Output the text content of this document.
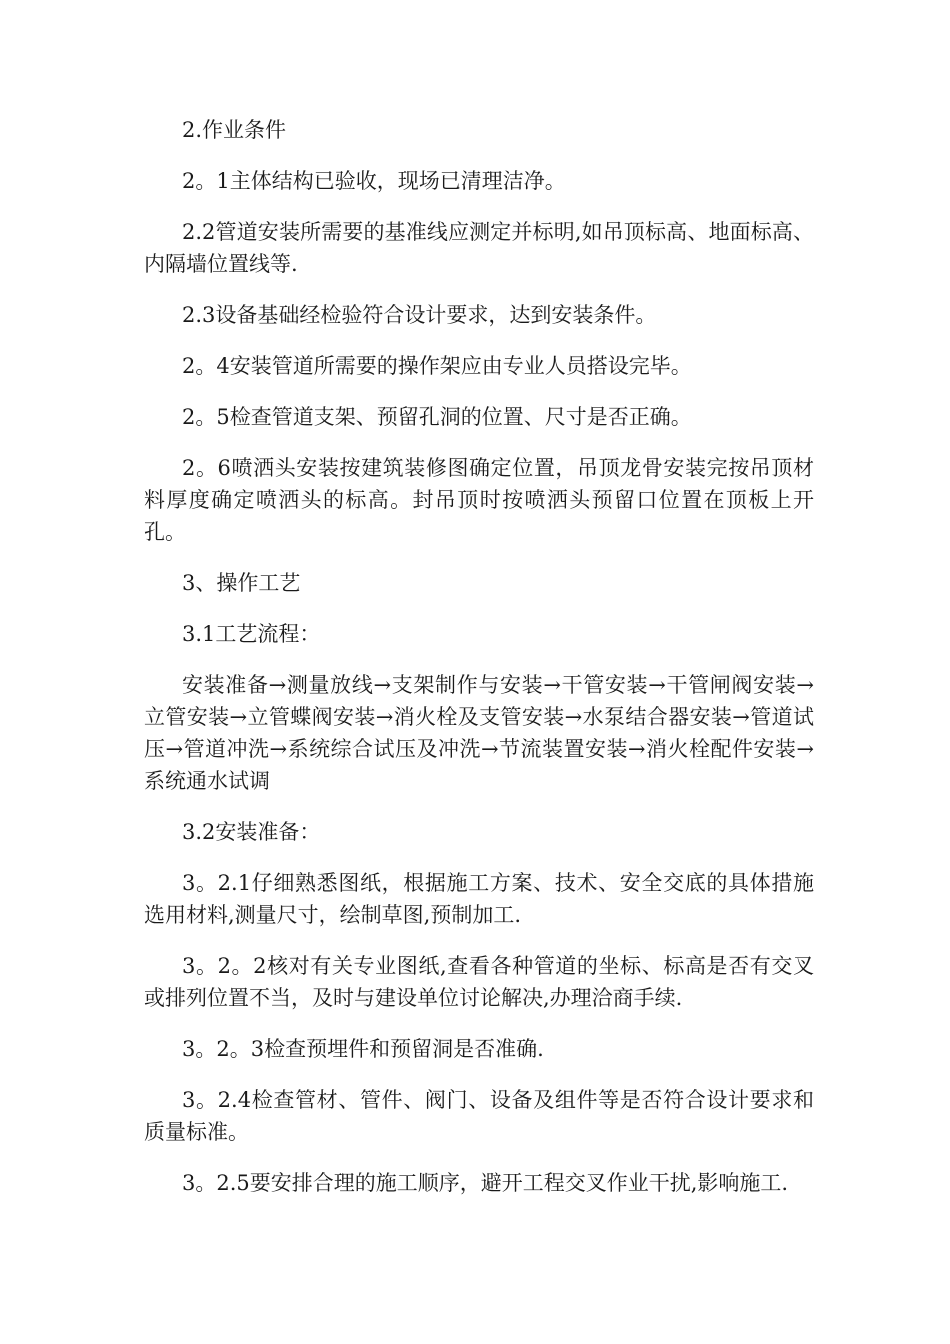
2.作业条件

2。1主体结构已验收，现场已清理洁净。

2.2管道安装所需要的基准线应测定并标明,如吊顶标高、地面标高、内隔墙位置线等.

2.3设备基础经检验符合设计要求，达到安装条件。

2。4安装管道所需要的操作架应由专业人员搭设完毕。

2。5检查管道支架、预留孔洞的位置、尺寸是否正确。

2。6喷洒头安装按建筑装修图确定位置，吊顶龙骨安装完按吊顶材料厚度确定喷洒头的标高。封吊顶时按喷洒头预留口位置在顶板上开孔。

3、操作工艺

3.1工艺流程：

安装准备→测量放线→支架制作与安装→干管安装→干管闸阀安装→立管安装→立管蝶阀安装→消火栓及支管安装→水泵结合器安装→管道试压→管道冲洗→系统综合试压及冲洗→节流装置安装→消火栓配件安装→系统通水试调

3.2安装准备：

3。2.1仔细熟悉图纸，根据施工方案、技术、安全交底的具体措施选用材料,测量尺寸，绘制草图,预制加工.

3。2。2核对有关专业图纸,查看各种管道的坐标、标高是否有交叉或排列位置不当，及时与建设单位讨论解决,办理洽商手续.

3。2。3检查预埋件和预留洞是否准确.

3。2.4检查管材、管件、阀门、设备及组件等是否符合设计要求和质量标准。

3。2.5要安排合理的施工顺序，避开工程交叉作业干扰,影响施工.
